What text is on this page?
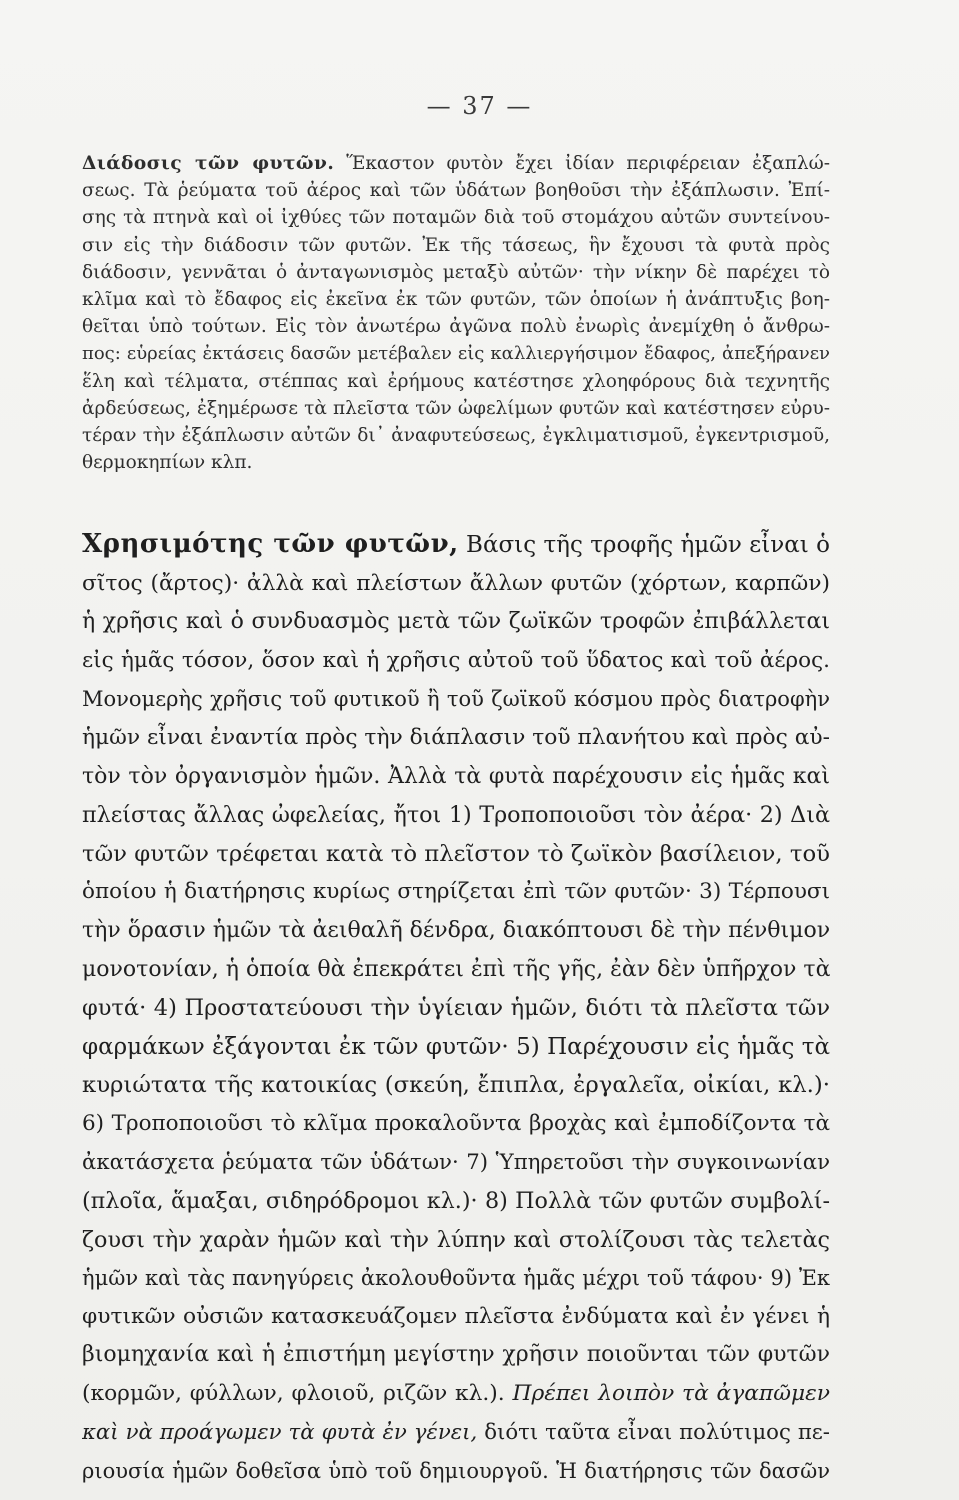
— 37 —
Διάδοσις τῶν φυτῶν. Ἕκαστον φυτὸν ἔχει ἰδίαν περιφέρειαν ἐξαπλώ-
σεως. Τὰ ῥεύματα τοῦ ἀέρος καὶ τῶν ὑδάτων βοηθοῦσι τὴν ἐξάπλωσιν. Ἐπί-
σης τὰ πτηνὰ καὶ οἱ ἰχθύες τῶν ποταμῶν διὰ τοῦ στομάχου αὐτῶν συντείνου-
σιν εἰς τὴν διάδοσιν τῶν φυτῶν. Ἐκ τῆς τάσεως, ἣν ἔχουσι τὰ φυτὰ πρὸς
διάδοσιν, γεννᾶται ὁ ἀνταγωνισμὸς μεταξὺ αὐτῶν· τὴν νίκην δὲ παρέχει τὸ
κλῖμα καὶ τὸ ἔδαφος εἰς ἐκεῖνα ἐκ τῶν φυτῶν, τῶν ὁποίων ἡ ἀνάπτυξις βοη-
θεῖται ὑπὸ τούτων. Εἰς τὸν ἀνωτέρω ἀγῶνα πολὺ ἐνωρὶς ἀνεμίχθη ὁ ἄνθρω-
πος: εὑρείας ἐκτάσεις δασῶν μετέβαλεν εἰς καλλιεργήσιμον ἔδαφος, ἀπεξήρανεν
ἕλη καὶ τέλματα, στέππας καὶ ἐρήμους κατέστησε χλοηφόρους διὰ τεχνητῆς
ἀρδεύσεως, ἐξημέρωσε τὰ πλεῖστα τῶν ὠφελίμων φυτῶν καὶ κατέστησεν εὐρυ-
τέραν τὴν ἐξάπλωσιν αὐτῶν δι᾽ ἀναφυτεύσεως, ἐγκλιματισμοῦ, ἐγκεντρισμοῦ,
θερμοκηπίων κλπ.
Χρησιμότης τῶν φυτῶν, Βάσις τῆς τροφῆς ἡμῶν εἶναι ὁ
σῖτος (ἄρτος)· ἀλλὰ καὶ πλείστων ἄλλων φυτῶν (χόρτων, καρπῶν)
ἡ χρῆσις καὶ ὁ συνδυασμὸς μετὰ τῶν ζωϊκῶν τροφῶν ἐπιβάλλεται
εἰς ἡμᾶς τόσον, ὅσον καὶ ἡ χρῆσις αὐτοῦ τοῦ ὕδατος καὶ τοῦ ἀέρος.
Μονομερὴς χρῆσις τοῦ φυτικοῦ ἢ τοῦ ζωϊκοῦ κόσμου πρὸς διατροφὴν
ἡμῶν εἶναι ἐναντία πρὸς τὴν διάπλασιν τοῦ πλανήτου καὶ πρὸς αὐ-
τὸν τὸν ὀργανισμὸν ἡμῶν. Ἀλλὰ τὰ φυτὰ παρέχουσιν εἰς ἡμᾶς καὶ
πλείστας ἄλλας ὠφελείας, ἤτοι 1) Τροποποιοῦσι τὸν ἀέρα· 2) Διὰ
τῶν φυτῶν τρέφεται κατὰ τὸ πλεῖστον τὸ ζωϊκὸν βασίλειον, τοῦ
ὁποίου ἡ διατήρησις κυρίως στηρίζεται ἐπὶ τῶν φυτῶν· 3) Τέρπουσι
τὴν ὅρασιν ἡμῶν τὰ ἀειθαλῆ δένδρα, διακόπτουσι δὲ τὴν πένθιμον
μονοτονίαν, ἡ ὁποία θὰ ἐπεκράτει ἐπὶ τῆς γῆς, ἐὰν δὲν ὑπῆρχον τὰ
φυτά· 4) Προστατεύουσι τὴν ὑγίειαν ἡμῶν, διότι τὰ πλεῖστα τῶν
φαρμάκων ἐξάγονται ἐκ τῶν φυτῶν· 5) Παρέχουσιν εἰς ἡμᾶς τὰ
κυριώτατα τῆς κατοικίας (σκεύη, ἔπιπλα, ἐργαλεῖα, οἰκίαι, κλ.)·
6) Τροποποιοῦσι τὸ κλῖμα προκαλοῦντα βροχὰς καὶ ἐμποδίζοντα τὰ
ἀκατάσχετα ῥεύματα τῶν ὑδάτων· 7) Ὑπηρετοῦσι τὴν συγκοινωνίαν
(πλοῖα, ἅμαξαι, σιδηρόδρομοι κλ.)· 8) Πολλὰ τῶν φυτῶν συμβολί-
ζουσι τὴν χαρὰν ἡμῶν καὶ τὴν λύπην καὶ στολίζουσι τὰς τελετὰς
ἡμῶν καὶ τὰς πανηγύρεις ἀκολουθοῦντα ἡμᾶς μέχρι τοῦ τάφου· 9) Ἐκ
φυτικῶν οὐσιῶν κατασκευάζομεν πλεῖστα ἐνδύματα καὶ ἐν γένει ἡ
βιομηχανία καὶ ἡ ἐπιστήμη μεγίστην χρῆσιν ποιοῦνται τῶν φυτῶν
(κορμῶν, φύλλων, φλοιοῦ, ριζῶν κλ.). Πρέπει λοιπὸν τὰ ἀγαπῶμεν
καὶ νὰ προάγωμεν τὰ φυτὰ ἐν γένει, διότι ταῦτα εἶναι πολύτιμος πε-
ριουσία ἡμῶν δοθεῖσα ὑπὸ τοῦ δημιουργοῦ. Ἡ διατήρησις τῶν δασῶν
